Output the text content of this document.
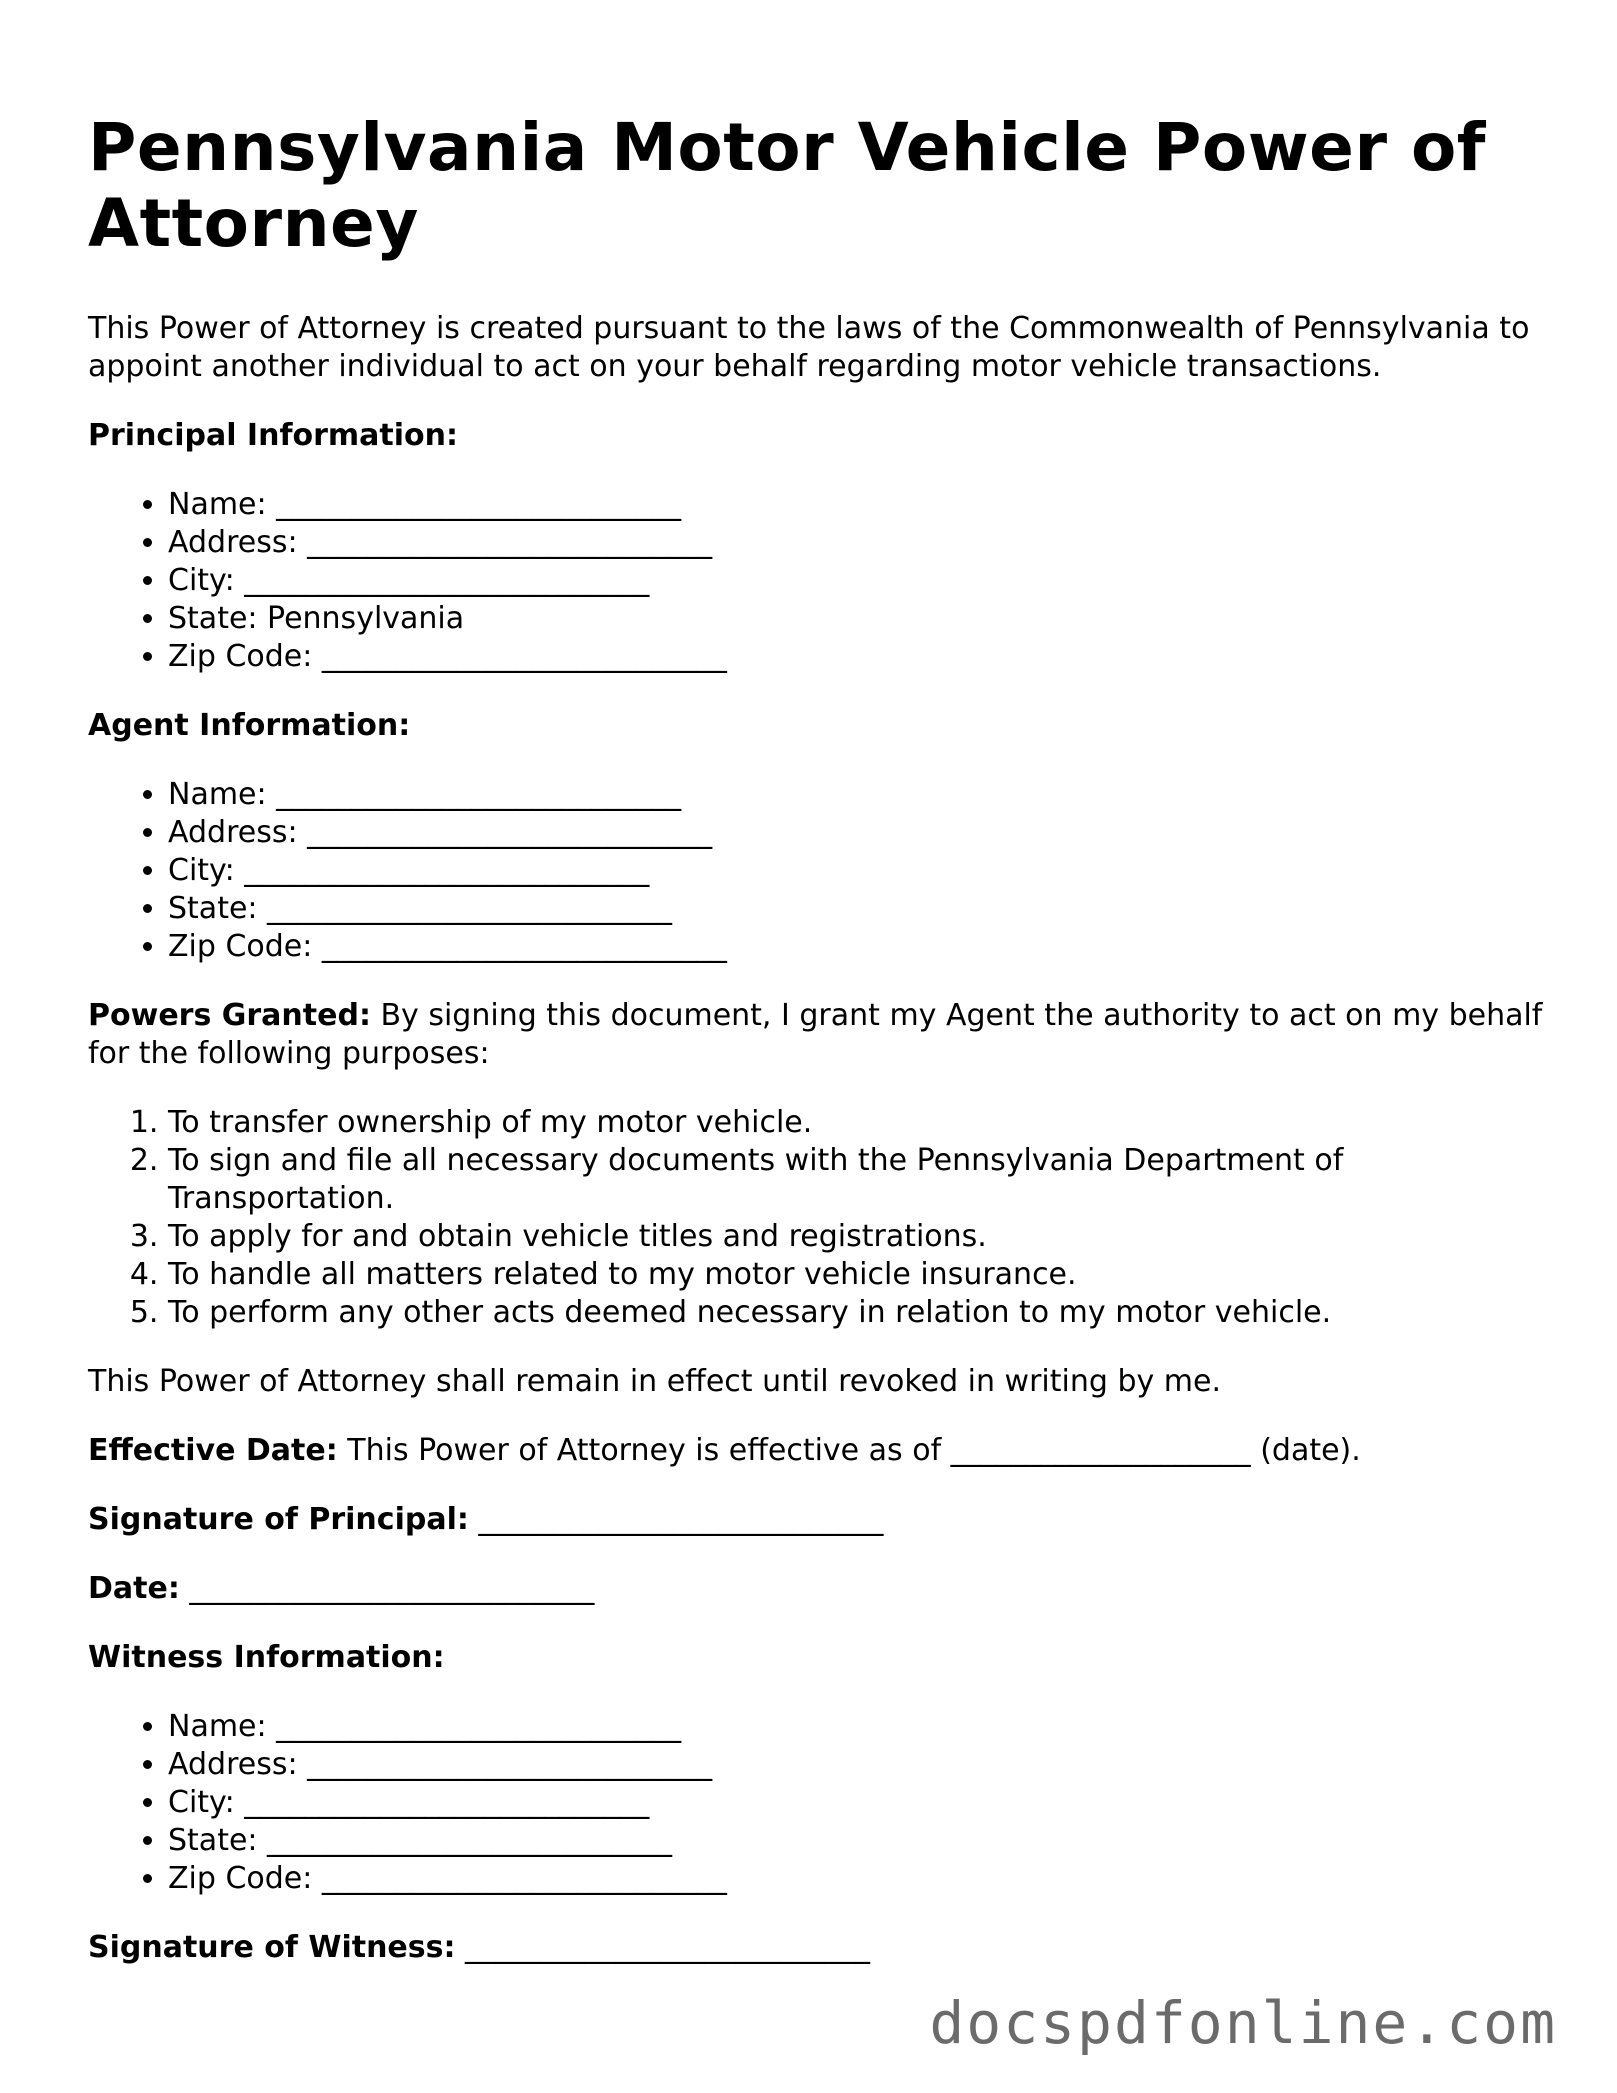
Pennsylvania Motor Vehicle Power of Attorney

This Power of Attorney is created pursuant to the laws of the Commonwealth of Pennsylvania to appoint another individual to act on your behalf regarding motor vehicle transactions.

Principal Information:

• Name: ___________________________
• Address: ___________________________
• City: ___________________________
• State: Pennsylvania
• Zip Code: ___________________________

Agent Information:

• Name: ___________________________
• Address: ___________________________
• City: ___________________________
• State: ___________________________
• Zip Code: ___________________________

Powers Granted: By signing this document, I grant my Agent the authority to act on my behalf for the following purposes:

1. To transfer ownership of my motor vehicle.
2. To sign and file all necessary documents with the Pennsylvania Department of Transportation.
3. To apply for and obtain vehicle titles and registrations.
4. To handle all matters related to my motor vehicle insurance.
5. To perform any other acts deemed necessary in relation to my motor vehicle.

This Power of Attorney shall remain in effect until revoked in writing by me.

Effective Date: This Power of Attorney is effective as of ____________________ (date).

Signature of Principal: ___________________________

Date: ___________________________

Witness Information:

• Name: ___________________________
• Address: ___________________________
• City: ___________________________
• State: ___________________________
• Zip Code: ___________________________

Signature of Witness: ___________________________

docspdfonline.com
